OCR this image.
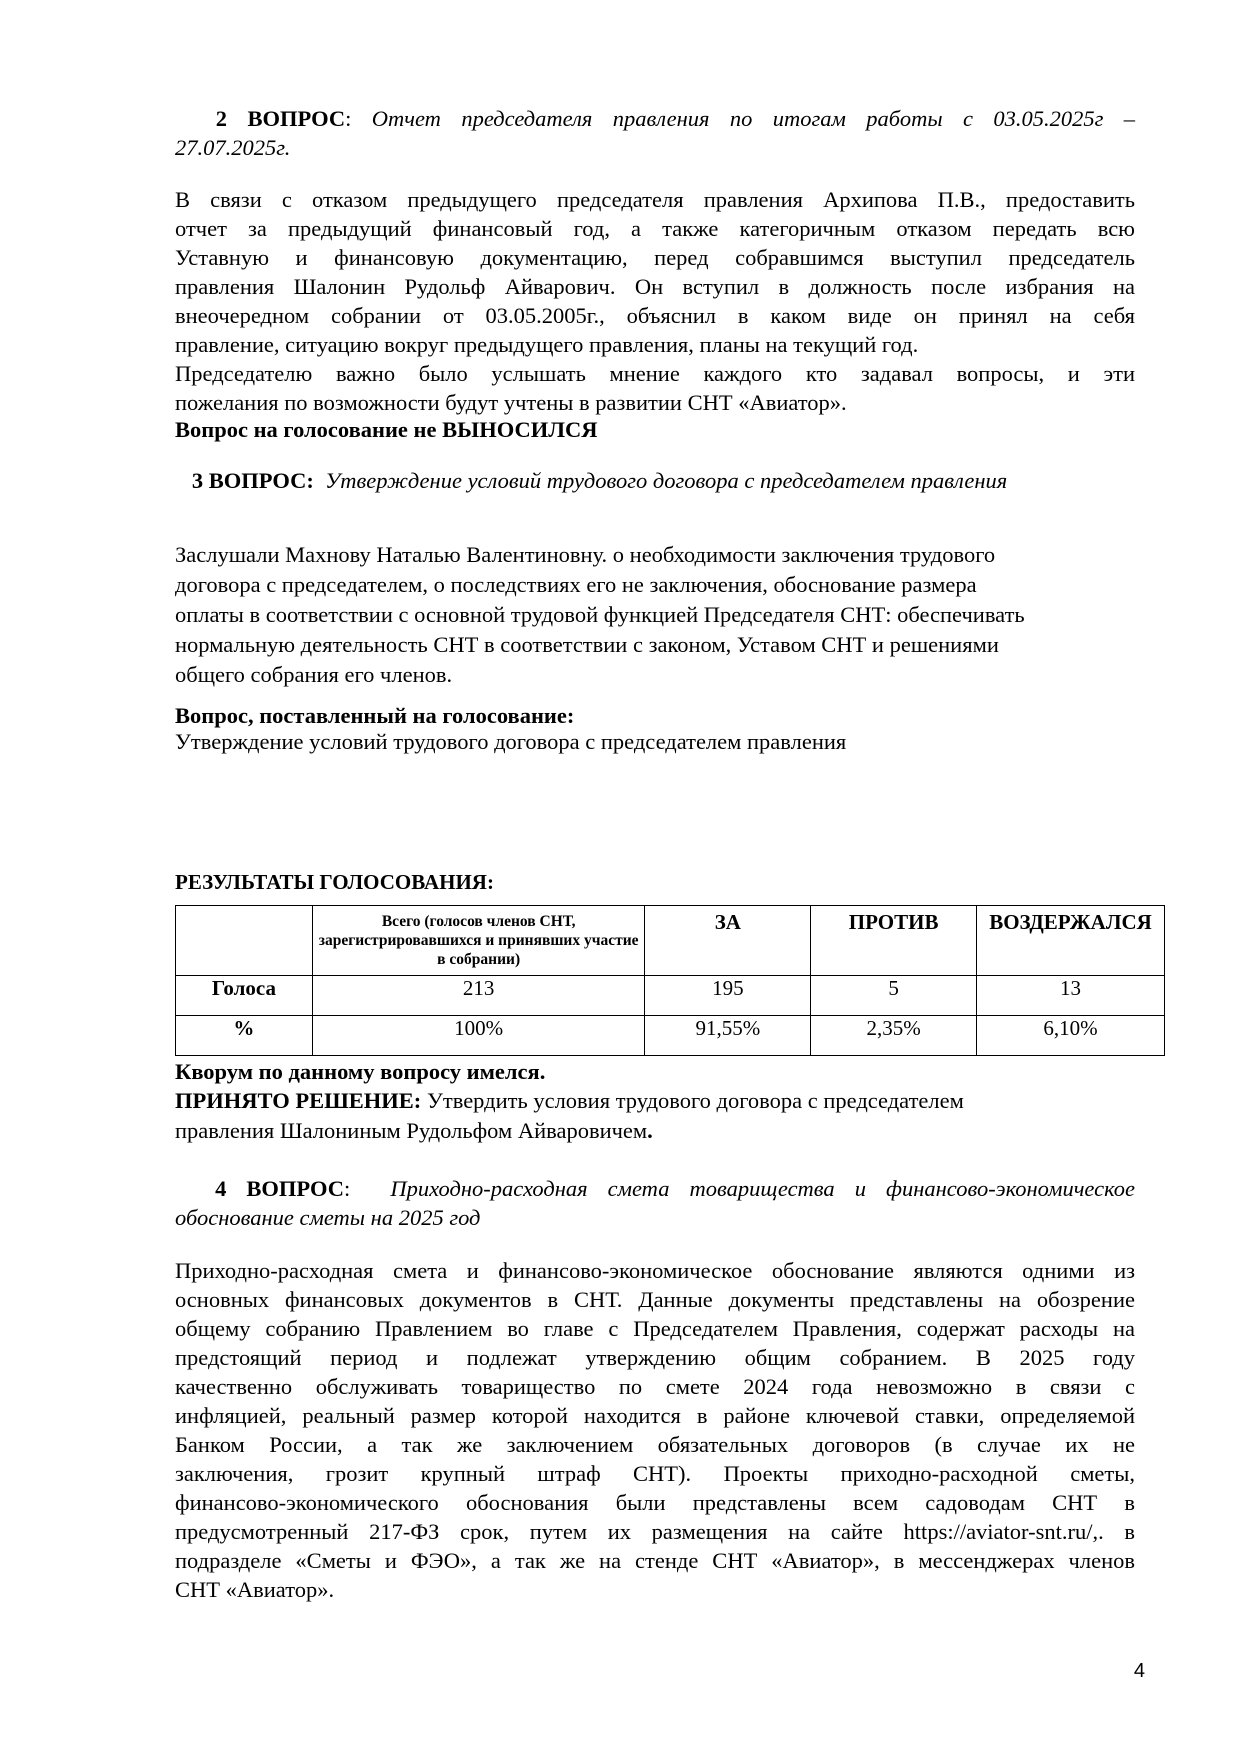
2 ВОПРОС: Отчет председателя правления по итогам работы с 03.05.2025г –
27.07.2025г.
В связи с отказом предыдущего председателя правления Архипова П.В., предоставить
отчет за предыдущий финансовый год, а также категоричным отказом передать всю
Уставную и финансовую документацию, перед собравшимся выступил председатель
правления Шалонин Рудольф Айварович. Он вступил в должность после избрания на
внеочередном собрании от 03.05.2005г., объяснил в каком виде он принял на себя
правление, ситуацию вокруг предыдущего правления, планы на текущий год.
Председателю важно было услышать мнение каждого кто задавал вопросы, и эти
пожелания по возможности будут учтены в развитии СНТ «Авиатор».
Вопрос на голосование не ВЫНОСИЛСЯ
3 ВОПРОС: Утверждение условий трудового договора с председателем правления
Заслушали Махнову Наталью Валентиновну. о необходимости заключения трудового
договора с председателем, о последствиях его не заключения, обоснование размера
оплаты в соответствии с основной трудовой функцией Председателя СНТ: обеспечивать
нормальную деятельность СНТ в соответствии с законом, Уставом СНТ и решениями
общего собрания его членов.
Вопрос, поставленный на голосование:
Утверждение условий трудового договора с председателем правления
РЕЗУЛЬТАТЫ ГОЛОСОВАНИЯ:
	Всего (голосов членов СНТ, зарегистрировавшихся и принявших участие в собрании)	ЗА	ПРОТИВ	ВОЗДЕРЖАЛСЯ
Голоса	213	195	5	13
%	100%	91,55%	2,35%	6,10%
Кворум по данному вопросу имелся.
ПРИНЯТО РЕШЕНИЕ: Утвердить условия трудового договора с председателем
правления Шалониным Рудольфом Айваровичем.
4 ВОПРОС: Приходно-расходная смета товарищества и финансово-экономическое
обоснование сметы на 2025 год
Приходно-расходная смета и финансово-экономическое обоснование являются одними из
основных финансовых документов в СНТ. Данные документы представлены на обозрение
общему собранию Правлением во главе с Председателем Правления, содержат расходы на
предстоящий период и подлежат утверждению общим собранием. В 2025 году
качественно обслуживать товарищество по смете 2024 года невозможно в связи с
инфляцией, реальный размер которой находится в районе ключевой ставки, определяемой
Банком России, а так же заключением обязательных договоров (в случае их не
заключения, грозит крупный штраф СНТ). Проекты приходно-расходной сметы,
финансово-экономического обоснования были представлены всем садоводам СНТ в
предусмотренный 217-ФЗ срок, путем их размещения на сайте https://aviator-snt.ru/,. в
подразделе «Сметы и ФЭО», а так же на стенде СНТ «Авиатор», в мессенджерах членов
СНТ «Авиатор».
4
